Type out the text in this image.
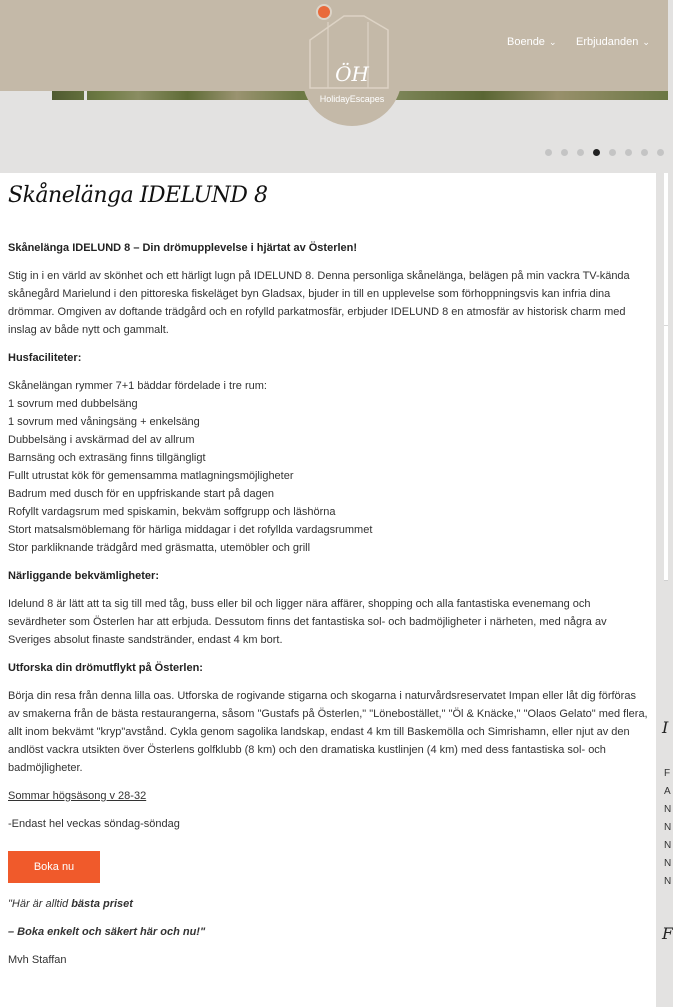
ÖH
HolidayEscapes
Boende ⌄ Erbjudanden ⌄
I
F
A
N
N
N
N
N
F
Skånelänga IDELUND 8

Skånelänga IDELUND 8 – Din drömupplevelse i hjärtat av Österlen!

Stig in i en värld av skönhet och ett härligt lugn på IDELUND 8. Denna personliga skånelänga, belägen på min vackra TV-kända skånegård Marielund i den pittoreska fiskeläget byn Gladsax, bjuder in till en upplevelse som förhoppningsvis kan infria dina drömmar. Omgiven av doftande trädgård och en rofylld parkatmosfär, erbjuder IDELUND 8 en atmosfär av historisk charm med inslag av både nytt och gammalt.

Husfaciliteter:

Skånelängan rymmer 7+1 bäddar fördelade i tre rum:

1 sovrum med dubbelsäng

1 sovrum med våningsäng + enkelsäng

Dubbelsäng i avskärmad del av allrum

Barnsäng och extrasäng finns tillgängligt

Fullt utrustat kök för gemensamma matlagningsmöjligheter

Badrum med dusch för en uppfriskande start på dagen

Rofyllt vardagsrum med spiskamin, bekväm soffgrupp och läshörna

Stort matsalsmöblemang för härliga middagar i det rofyllda vardagsrummet

Stor parkliknande trädgård med gräsmatta, utemöbler och grill

Närliggande bekvämligheter:

Idelund 8 är lätt att ta sig till med tåg, buss eller bil och ligger nära affärer, shopping och alla fantastiska evenemang och sevärdheter som Österlen har att erbjuda. Dessutom finns det fantastiska sol- och badmöjligheter i närheten, med några av Sveriges absolut finaste sandstränder, endast 4 km bort.

Utforska din drömutflykt på Österlen:

Börja din resa från denna lilla oas. Utforska de rogivande stigarna och skogarna i naturvårdsreservatet Impan eller låt dig förföras av smakerna från de bästa restaurangerna, såsom "Gustafs på Österlen," "Lönebostället," "Öl & Knäcke," "Olaos Gelato" med flera, allt inom bekvämt "kryp"avstånd. Cykla genom sagolika landskap, endast 4 km till Baskemölla och Simrishamn, eller njut av den andlöst vackra utsikten över Österlens golfklubb (8 km) och den dramatiska kustlinjen (4 km) med dess fantastiska sol- och badmöjligheter.

Sommar högsäsong v 28-32

-Endast hel veckas söndag-söndag

Boka nu

"Här är alltid bästa priset

– Boka enkelt och säkert här och nu!"

Mvh Staffan
